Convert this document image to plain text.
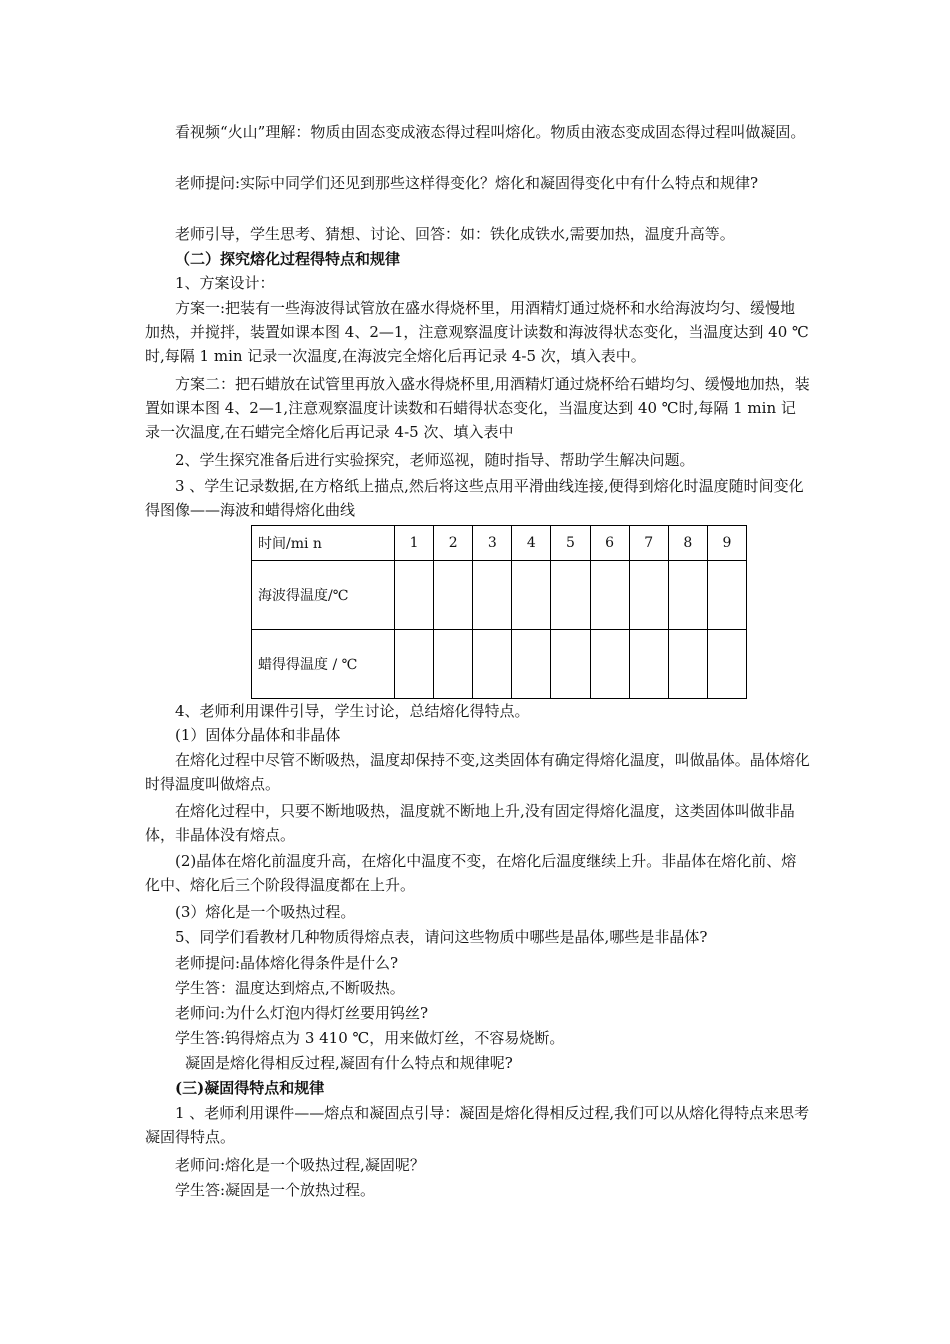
看视频“火山”理解：物质由固态变成液态得过程叫熔化。物质由液态变成固态得过程叫做凝固。

老师提问:实际中同学们还见到那些这样得变化？熔化和凝固得变化中有什么特点和规律?

老师引导，学生思考、猜想、讨论、回答：如：铁化成铁水,需要加热，温度升高等。

（二）探究熔化过程得特点和规律

1、方案设计：

方案一:把装有一些海波得试管放在盛水得烧杯里，用酒精灯通过烧杯和水给海波均匀、缓慢地加热，并搅拌，装置如课本图 4、2—1，注意观察温度计读数和海波得状态变化，当温度达到 40 ℃时,每隔 1 min 记录一次温度,在海波完全熔化后再记录 4-5 次，填入表中。

方案二：把石蜡放在试管里再放入盛水得烧杯里,用酒精灯通过烧杯给石蜡均匀、缓慢地加热，装置如课本图 4、2—1,注意观察温度计读数和石蜡得状态变化，当温度达到 40 ℃时,每隔 1 min 记录一次温度,在石蜡完全熔化后再记录 4-5 次、填入表中

2、学生探究准备后进行实验探究，老师巡视，随时指导、帮助学生解决问题。

3 、学生记录数据,在方格纸上描点,然后将这些点用平滑曲线连接,便得到熔化时温度随时间变化得图像——海波和蜡得熔化曲线

时间/mi n	1	2	3	4	5	6	7	8	9
海波得温度/℃									
蜡得得温度 / ℃									

4、老师利用课件引导，学生讨论，总结熔化得特点。

(1）固体分晶体和非晶体

在熔化过程中尽管不断吸热，温度却保持不变,这类固体有确定得熔化温度，叫做晶体。晶体熔化时得温度叫做熔点。

在熔化过程中，只要不断地吸热，温度就不断地上升,没有固定得熔化温度，这类固体叫做非晶体，非晶体没有熔点。

(2)晶体在熔化前温度升高，在熔化中温度不变，在熔化后温度继续上升。非晶体在熔化前、熔化中、熔化后三个阶段得温度都在上升。

(3）熔化是一个吸热过程。

5、同学们看教材几种物质得熔点表，请问这些物质中哪些是晶体,哪些是非晶体?

老师提问:晶体熔化得条件是什么?

学生答：温度达到熔点,不断吸热。

老师问:为什么灯泡内得灯丝要用钨丝?

学生答:钨得熔点为 3 410 ℃，用来做灯丝，不容易烧断。

凝固是熔化得相反过程,凝固有什么特点和规律呢?

(三)凝固得特点和规律

1 、老师利用课件——熔点和凝固点引导：凝固是熔化得相反过程,我们可以从熔化得特点来思考凝固得特点。

老师问:熔化是一个吸热过程,凝固呢？

学生答:凝固是一个放热过程。
